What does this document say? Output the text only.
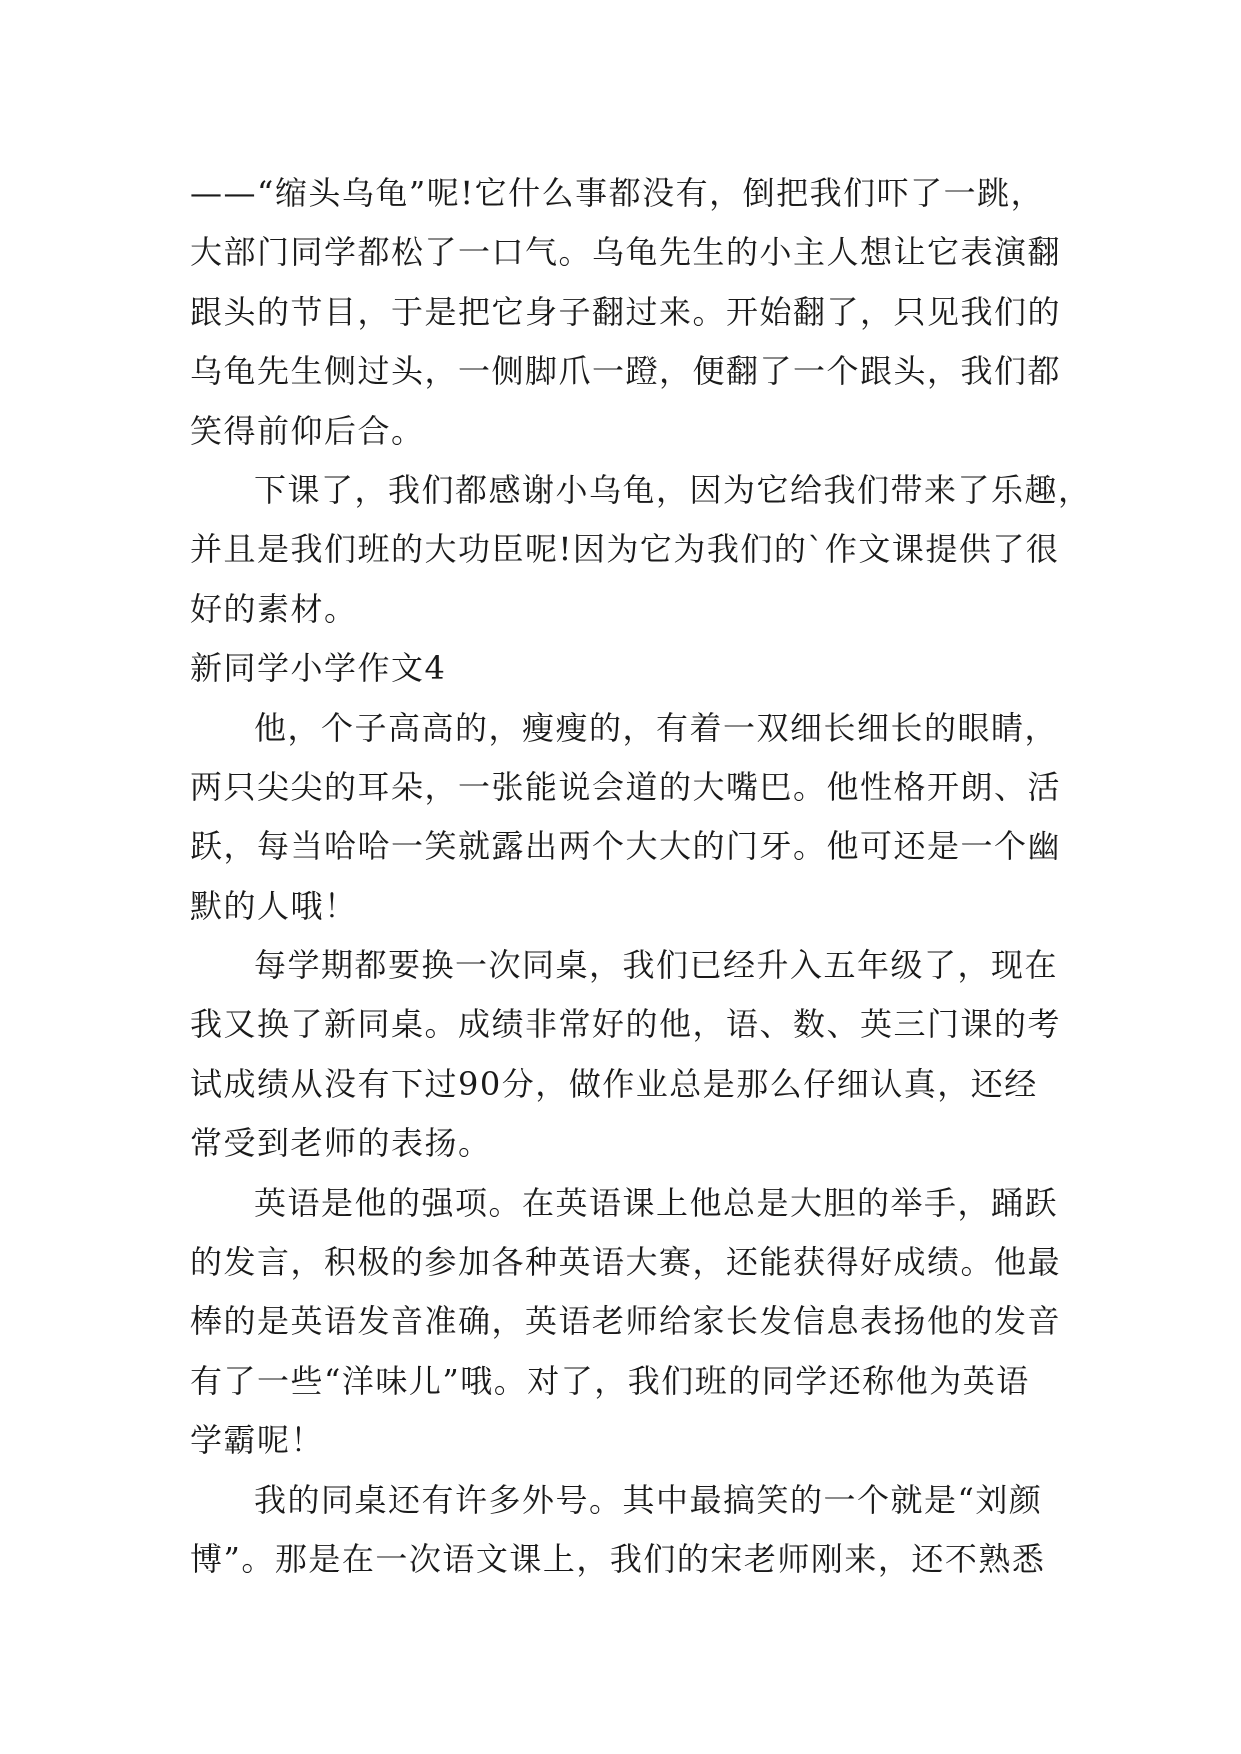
——“缩头乌龟”呢!它什么事都没有，倒把我们吓了一跳，
大部门同学都松了一口气。乌龟先生的小主人想让它表演翻
跟头的节目，于是把它身子翻过来。开始翻了，只见我们的
乌龟先生侧过头，一侧脚爪一蹬，便翻了一个跟头，我们都
笑得前仰后合。
下课了，我们都感谢小乌龟，因为它给我们带来了乐趣，
并且是我们班的大功臣呢!因为它为我们的`作文课提供了很
好的素材。
新同学小学作文4
他，个子高高的，瘦瘦的，有着一双细长细长的眼睛，
两只尖尖的耳朵，一张能说会道的大嘴巴。他性格开朗、活
跃，每当哈哈一笑就露出两个大大的门牙。他可还是一个幽
默的人哦！
每学期都要换一次同桌，我们已经升入五年级了，现在
我又换了新同桌。成绩非常好的他，语、数、英三门课的考
试成绩从没有下过90分，做作业总是那么仔细认真，还经
常受到老师的表扬。
英语是他的强项。在英语课上他总是大胆的举手，踊跃
的发言，积极的参加各种英语大赛，还能获得好成绩。他最
棒的是英语发音准确，英语老师给家长发信息表扬他的发音
有了一些“洋味儿”哦。对了，我们班的同学还称他为英语
学霸呢！
我的同桌还有许多外号。其中最搞笑的一个就是“刘颜
博”。那是在一次语文课上，我们的宋老师刚来，还不熟悉
